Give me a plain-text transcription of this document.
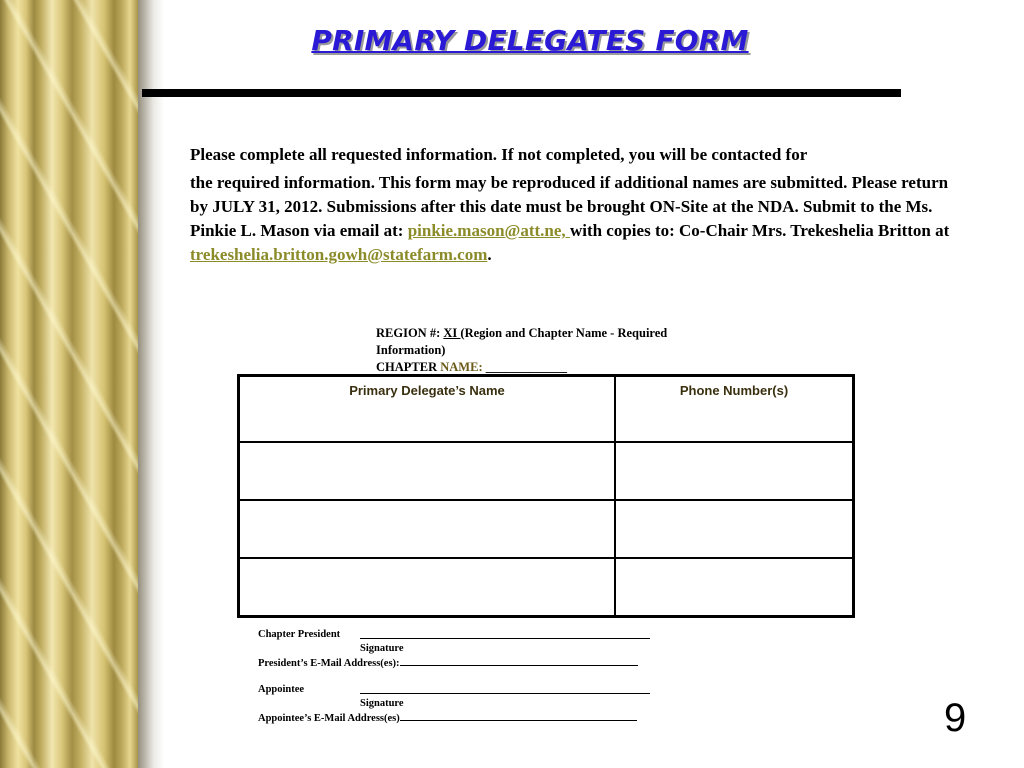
PRIMARY DELEGATES FORM
Please complete all requested information. If not completed, you will be contacted for
the required information. This form may be reproduced if additional names are submitted. Please return by JULY 31, 2012. Submissions after this date must be brought ON-Site at the NDA. Submit to the Ms. Pinkie L. Mason via email at: pinkie.mason@att.ne, with copies to: Co-Chair Mrs. Trekeshelia Britton at trekeshelia.britton.gowh@statefarm.com.
REGION #: XI (Region and Chapter Name - Required Information)
CHAPTER NAME: _____________
Primary Delegate’s Name	Phone Number(s)

Chapter President
Signature
President’s E-Mail Address(es):
Appointee
Signature
Appointee’s E-Mail Address(es)	9
